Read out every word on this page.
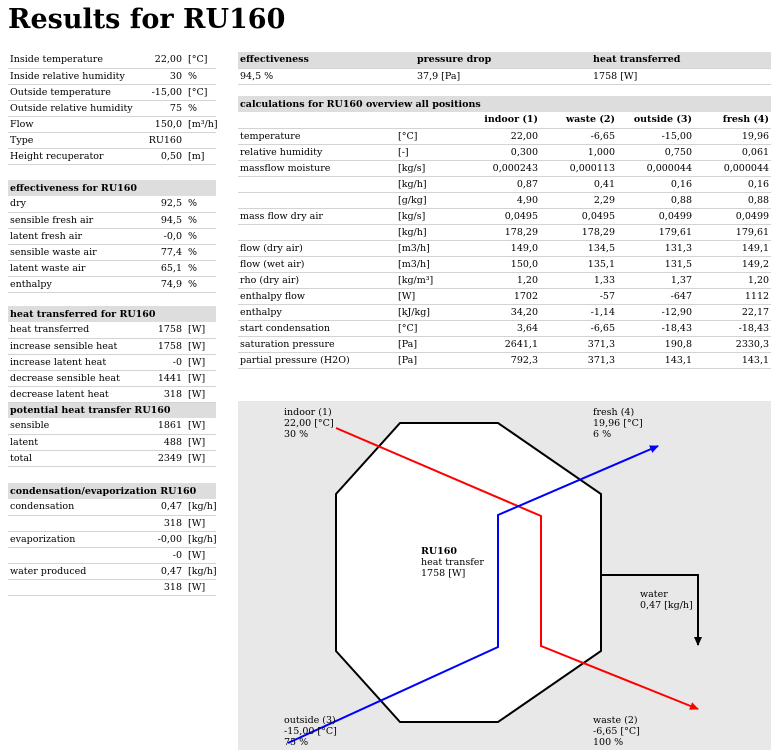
Results for RU160
Inside temperature	22,00	[°C]
Inside relative humidity	30	%
Outside temperature	-15,00	[°C]
Outside relative humidity	75	%
Flow	150,0	[m³/h]
Type	RU160	
Height recuperator	0,50	[m]
effectiveness for RU160		
dry	92,5	%
sensible fresh air	94,5	%
latent fresh air	-0,0	%
sensible waste air	77,4	%
latent waste air	65,1	%
enthalpy	74,9	%
heat transferred for RU160		
heat transferred	1758	[W]
increase sensible heat	1758	[W]
increase latent heat	-0	[W]
decrease sensible heat	1441	[W]
decrease latent heat	318	[W]
potential heat transfer RU160		
sensible	1861	[W]
latent	488	[W]
total	2349	[W]
condensation/evaporization RU160		
condensation	0,47	[kg/h]
	318	[W]
evaporization	-0,00	[kg/h]
	-0	[W]
water produced	0,47	[kg/h]
	318	[W]
effectiveness	pressure drop	heat transferred
94,5 %	37,9 [Pa]	1758 [W]
calculations for RU160 overview all positions					
		indoor (1)	waste (2)	outside (3)	fresh (4)
temperature	[°C]	22,00	-6,65	-15,00	19,96
relative humidity	[-]	0,300	1,000	0,750	0,061
massflow moisture	[kg/s]	0,000243	0,000113	0,000044	0,000044
	[kg/h]	0,87	0,41	0,16	0,16
	[g/kg]	4,90	2,29	0,88	0,88
mass flow dry air	[kg/s]	0,0495	0,0495	0,0499	0,0499
	[kg/h]	178,29	178,29	179,61	179,61
flow (dry air)	[m3/h]	149,0	134,5	131,3	149,1
flow (wet air)	[m3/h]	150,0	135,1	131,5	149,2
rho (dry air)	[kg/m³]	1,20	1,33	1,37	1,20
enthalpy flow	[W]	1702	-57	-647	1112
enthalpy	[kJ/kg]	34,20	-1,14	-12,90	22,17
start condensation	[°C]	3,64	-6,65	-18,43	-18,43
saturation pressure	[Pa]	2641,1	371,3	190,8	2330,3
partial pressure (H2O)	[Pa]	792,3	371,3	143,1	143,1
indoor (1)
22,00 [°C]
30 %
fresh (4)
19,96 [°C]
6 %
RU160
heat transfer
1758 [W]
water
0,47 [kg/h]
outside (3)
-15,00 [°C]
75 %
waste (2)
-6,65 [°C]
100 %
